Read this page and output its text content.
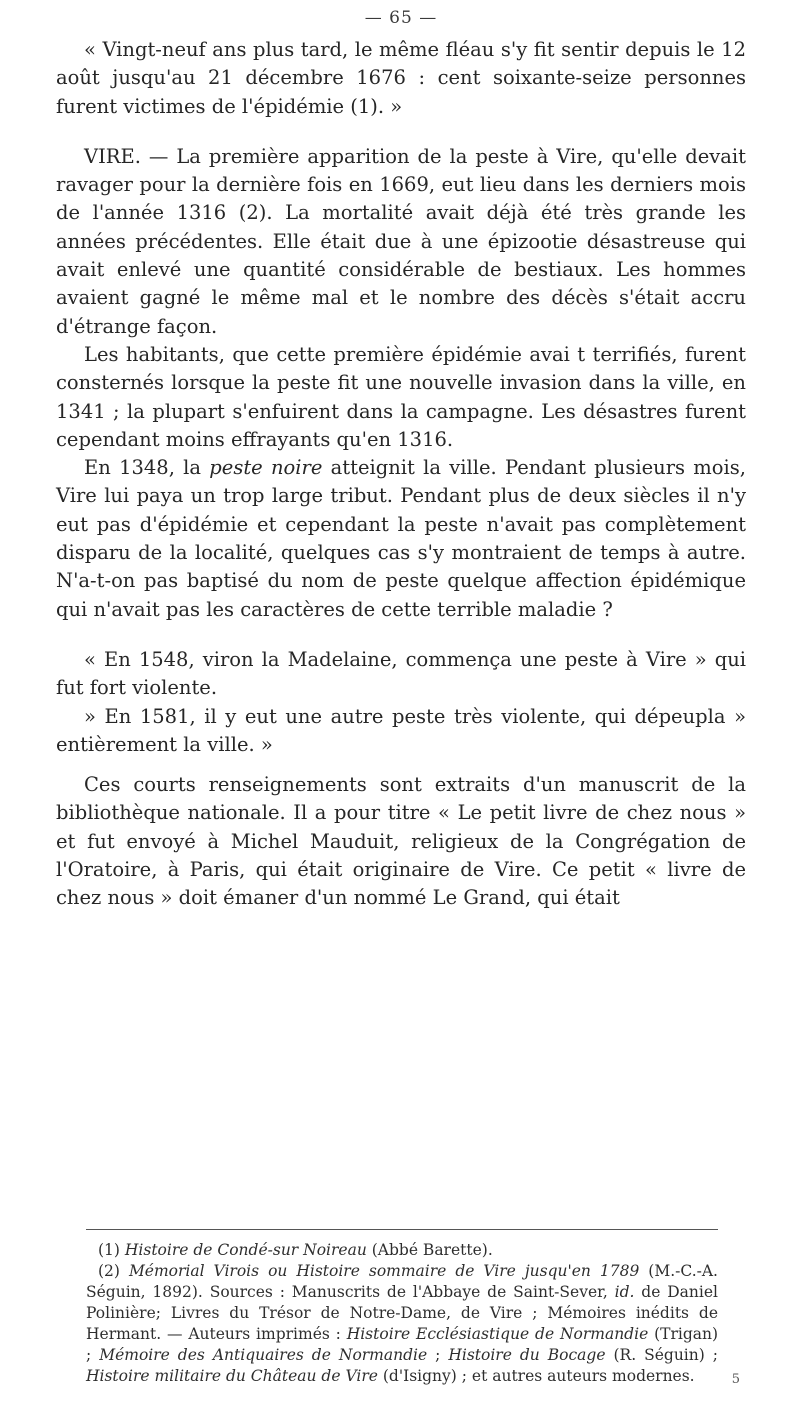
— 65 —

« Vingt-neuf ans plus tard, le même fléau s'y fit sentir depuis le 12 août jusqu'au 21 décembre 1676 : cent soixante-seize personnes furent victimes de l'épidémie (1). »

VIRE. — La première apparition de la peste à Vire, qu'elle devait ravager pour la dernière fois en 1669, eut lieu dans les derniers mois de l'année 1316 (2). La mortalité avait déjà été très grande les années précédentes. Elle était due à une épizootie désastreuse qui avait enlevé une quantité considérable de bestiaux. Les hommes avaient gagné le même mal et le nombre des décès s'était accru d'étrange façon.

Les habitants, que cette première épidémie avai t terrifiés, furent consternés lorsque la peste fit une nouvelle invasion dans la ville, en 1341 ; la plupart s'enfuirent dans la campagne. Les désastres furent cependant moins effrayants qu'en 1316.

En 1348, la peste noire atteignit la ville. Pendant plusieurs mois, Vire lui paya un trop large tribut. Pendant plus de deux siècles il n'y eut pas d'épidémie et cependant la peste n'avait pas complètement disparu de la localité, quelques cas s'y montraient de temps à autre. N'a-t-on pas baptisé du nom de peste quelque affection épidémique qui n'avait pas les caractères de cette terrible maladie ?

« En 1548, viron la Madelaine, commença une peste à Vire » qui fut fort violente.

» En 1581, il y eut une autre peste très violente, qui dépeupla » entièrement la ville. »

Ces courts renseignements sont extraits d'un manuscrit de la bibliothèque nationale. Il a pour titre « Le petit livre de chez nous » et fut envoyé à Michel Mauduit, religieux de la Congrégation de l'Oratoire, à Paris, qui était originaire de Vire. Ce petit « livre de chez nous » doit émaner d'un nommé Le Grand, qui était

(1) Histoire de Condé-sur Noireau (Abbé Barette).

(2) Mémorial Virois ou Histoire sommaire de Vire jusqu'en 1789 (M.-C.-A. Séguin, 1892). Sources : Manuscrits de l'Abbaye de Saint-Sever, id. de Daniel Polinière; Livres du Trésor de Notre-Dame, de Vire ; Mémoires inédits de Hermant. — Auteurs imprimés : Histoire Ecclésiastique de Normandie (Trigan) ; Mémoire des Antiquaires de Normandie ; Histoire du Bocage (R. Séguin) ; Histoire militaire du Château de Vire (d'Isigny) ; et autres auteurs modernes.	5
